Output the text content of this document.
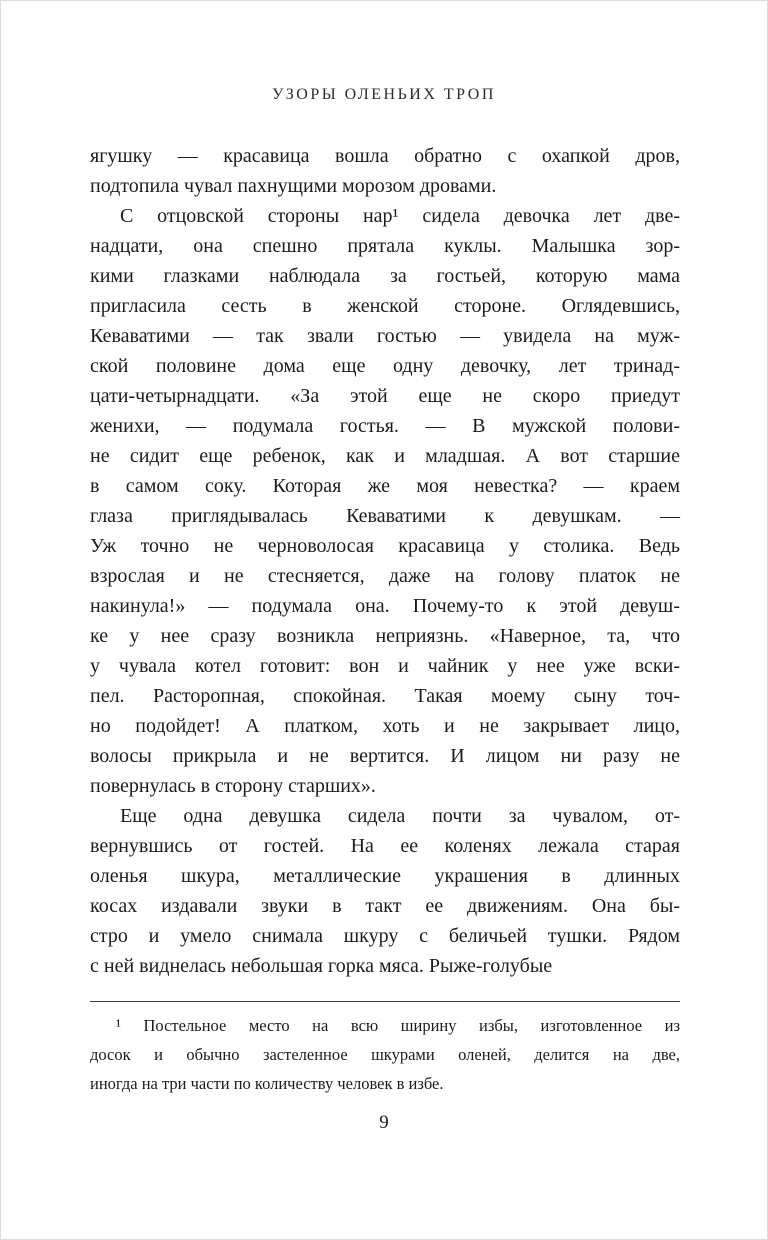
УЗОРЫ ОЛЕНЬИХ ТРОП
ягушку — красавица вошла обратно с охапкой дров,
подтопила чувал пахнущими морозом дровами.
С отцовской стороны нар¹ сидела девочка лет две-
надцати, она спешно прятала куклы. Малышка зор-
кими глазками наблюдала за гостьей, которую мама
пригласила сесть в женской стороне. Оглядевшись,
Кеваватими — так звали гостью — увидела на муж-
ской половине дома еще одну девочку, лет тринад-
цати-четырнадцати. «За этой еще не скоро приедут
женихи, — подумала гостья. — В мужской полови-
не сидит еще ребенок, как и младшая. А вот старшие
в самом соку. Которая же моя невестка? — краем
глаза приглядывалась Кеваватими к девушкам. —
Уж точно не черноволосая красавица у столика. Ведь
взрослая и не стесняется, даже на голову платок не
накинула!» — подумала она. Почему-то к этой девуш-
ке у нее сразу возникла неприязнь. «Наверное, та, что
у чувала котел готовит: вон и чайник у нее уже вски-
пел. Расторопная, спокойная. Такая моему сыну точ-
но подойдет! А платком, хоть и не закрывает лицо,
волосы прикрыла и не вертится. И лицом ни разу не
повернулась в сторону старших».
Еще одна девушка сидела почти за чувалом, от-
вернувшись от гостей. На ее коленях лежала старая
оленья шкура, металлические украшения в длинных
косах издавали звуки в такт ее движениям. Она бы-
стро и умело снимала шкуру с беличьей тушки. Рядом
с ней виднелась небольшая горка мяса. Рыже-голубые
¹ Постельное место на всю ширину избы, изготовленное из
досок и обычно застеленное шкурами оленей, делится на две,
иногда на три части по количеству человек в избе.
9
